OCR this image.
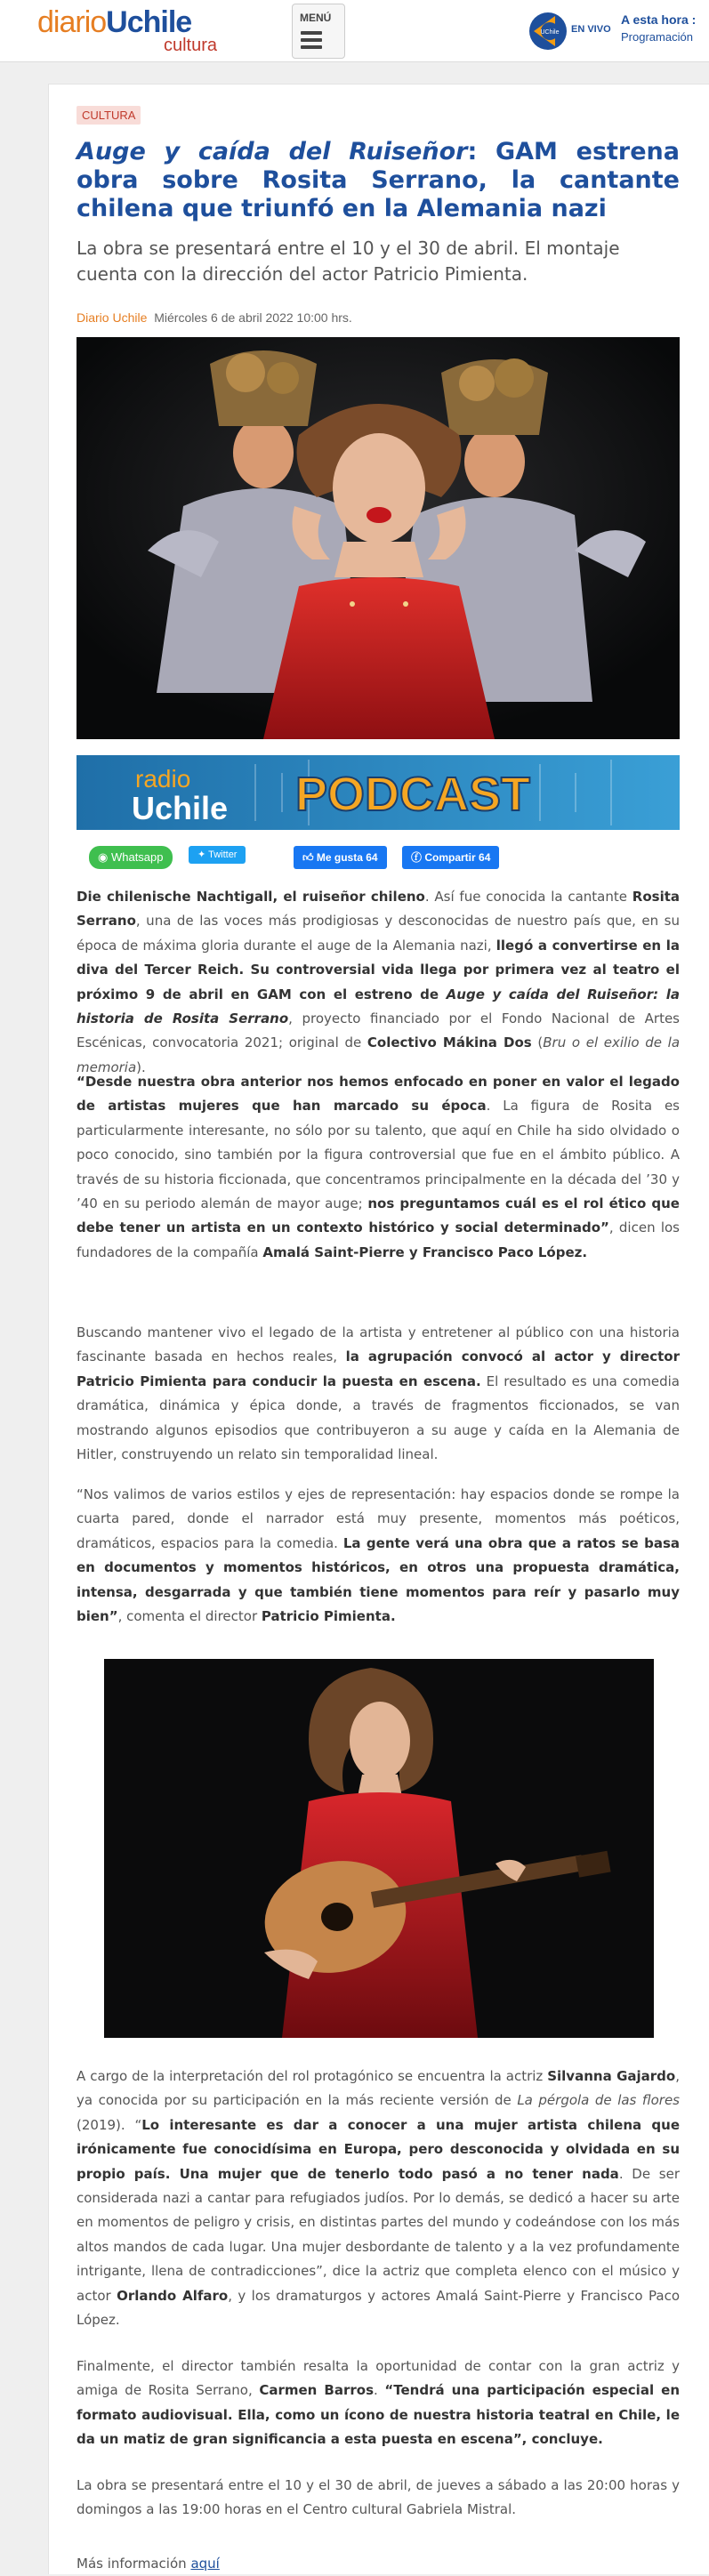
diarioUchile
cultura
MENÚ
UChile EN VIVO
A esta hora :
Programación
CULTURA
Auge y caída del Ruiseñor: GAM estrena obra sobre Rosita Serrano, la cantante chilena que triunfó en la Alemania nazi

La obra se presentará entre el 10 y el 30 de abril. El montaje cuenta con la dirección del actor Patricio Pimienta.

Diario Uchile Miércoles 6 de abril 2022 10:00 hrs.
radio
Uchile PODCAST
◉ Whatsapp	✦ Twitter	👍︎ Me gusta 64	ⓕ Compartir 64

Die chilenische Nachtigall, el ruiseñor chileno. Así fue conocida la cantante Rosita Serrano, una de las voces más prodigiosas y desconocidas de nuestro país que, en su época de máxima gloria durante el auge de la Alemania nazi, llegó a convertirse en la diva del Tercer Reich. Su controversial vida llega por primera vez al teatro el próximo 9 de abril en GAM con el estreno de Auge y caída del Ruiseñor: la historia de Rosita Serrano, proyecto financiado por el Fondo Nacional de Artes Escénicas, convocatoria 2021; original de Colectivo Mákina Dos (Bru o el exilio de la memoria).

“Desde nuestra obra anterior nos hemos enfocado en poner en valor el legado de artistas mujeres que han marcado su época. La figura de Rosita es particularmente interesante, no sólo por su talento, que aquí en Chile ha sido olvidado o poco conocido, sino también por la figura controversial que fue en el ámbito público. A través de su historia ficcionada, que concentramos principalmente en la década del ’30 y ’40 en su periodo alemán de mayor auge; nos preguntamos cuál es el rol ético que debe tener un artista en un contexto histórico y social determinado”, dicen los fundadores de la compañía Amalá Saint-Pierre y Francisco Paco López.

Buscando mantener vivo el legado de la artista y entretener al público con una historia fascinante basada en hechos reales, la agrupación convocó al actor y director Patricio Pimienta para conducir la puesta en escena. El resultado es una comedia dramática, dinámica y épica donde, a través de fragmentos ficcionados, se van mostrando algunos episodios que contribuyeron a su auge y caída en la Alemania de Hitler, construyendo un relato sin temporalidad lineal.

“Nos valimos de varios estilos y ejes de representación: hay espacios donde se rompe la cuarta pared, donde el narrador está muy presente, momentos más poéticos, dramáticos, espacios para la comedia. La gente verá una obra que a ratos se basa en documentos y momentos históricos, en otros una propuesta dramática, intensa, desgarrada y que también tiene momentos para reír y pasarlo muy bien”, comenta el director Patricio Pimienta.

A cargo de la interpretación del rol protagónico se encuentra la actriz Silvanna Gajardo, ya conocida por su participación en la más reciente versión de La pérgola de las flores (2019). “Lo interesante es dar a conocer a una mujer artista chilena que irónicamente fue conocidísima en Europa, pero desconocida y olvidada en su propio país. Una mujer que de tenerlo todo pasó a no tener nada. De ser considerada nazi a cantar para refugiados judíos. Por lo demás, se dedicó a hacer su arte en momentos de peligro y crisis, en distintas partes del mundo y codeándose con los más altos mandos de cada lugar. Una mujer desbordante de talento y a la vez profundamente intrigante, llena de contradicciones”, dice la actriz que completa elenco con el músico y actor Orlando Alfaro, y los dramaturgos y actores Amalá Saint-Pierre y Francisco Paco López.

Finalmente, el director también resalta la oportunidad de contar con la gran actriz y amiga de Rosita Serrano, Carmen Barros. “Tendrá una participación especial en formato audiovisual. Ella, como un ícono de nuestra historia teatral en Chile, le da un matiz de gran significancia a esta puesta en escena”, concluye.

La obra se presentará entre el 10 y el 30 de abril, de jueves a sábado a las 20:00 horas y domingos a las 19:00 horas en el Centro cultural Gabriela Mistral.

Más información aquí
